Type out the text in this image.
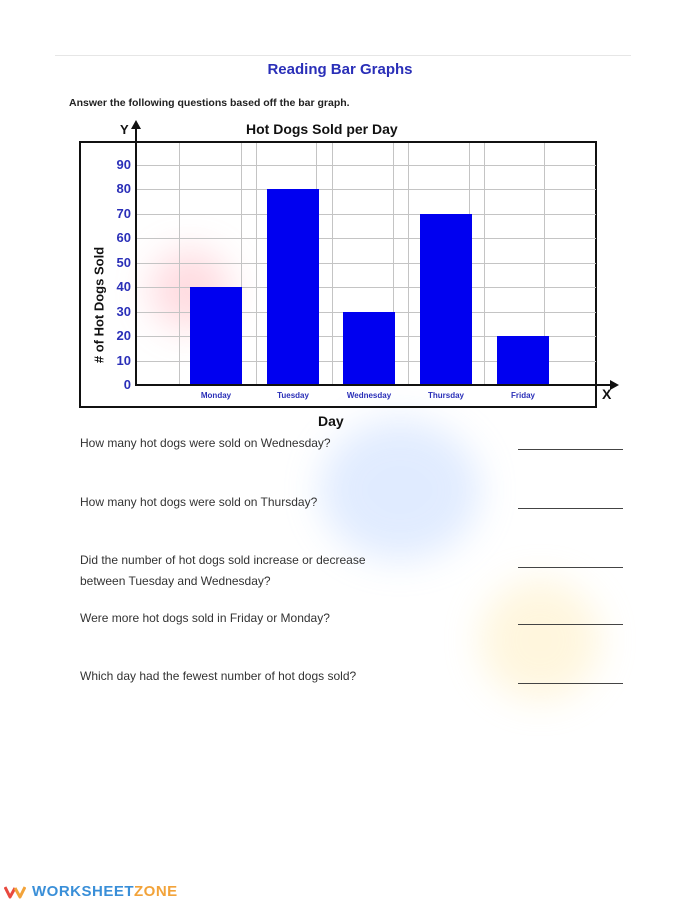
Reading Bar Graphs
Answer the following questions based off the bar graph.
Y	Hot Dogs Sold per Day
X
0
10
20
30
40
50
60
70
80
90
Monday	Tuesday	Wednesday	Thursday	Friday
# of Hot Dogs Sold
Day
How many hot dogs were sold on Wednesday?
How many hot dogs were sold on Thursday?
Did the number of hot dogs sold increase or decrease
between Tuesday and Wednesday?
Were more hot dogs sold in Friday or Monday?
Which day had the fewest number of hot dogs sold?
WORKSHEET ZONE
